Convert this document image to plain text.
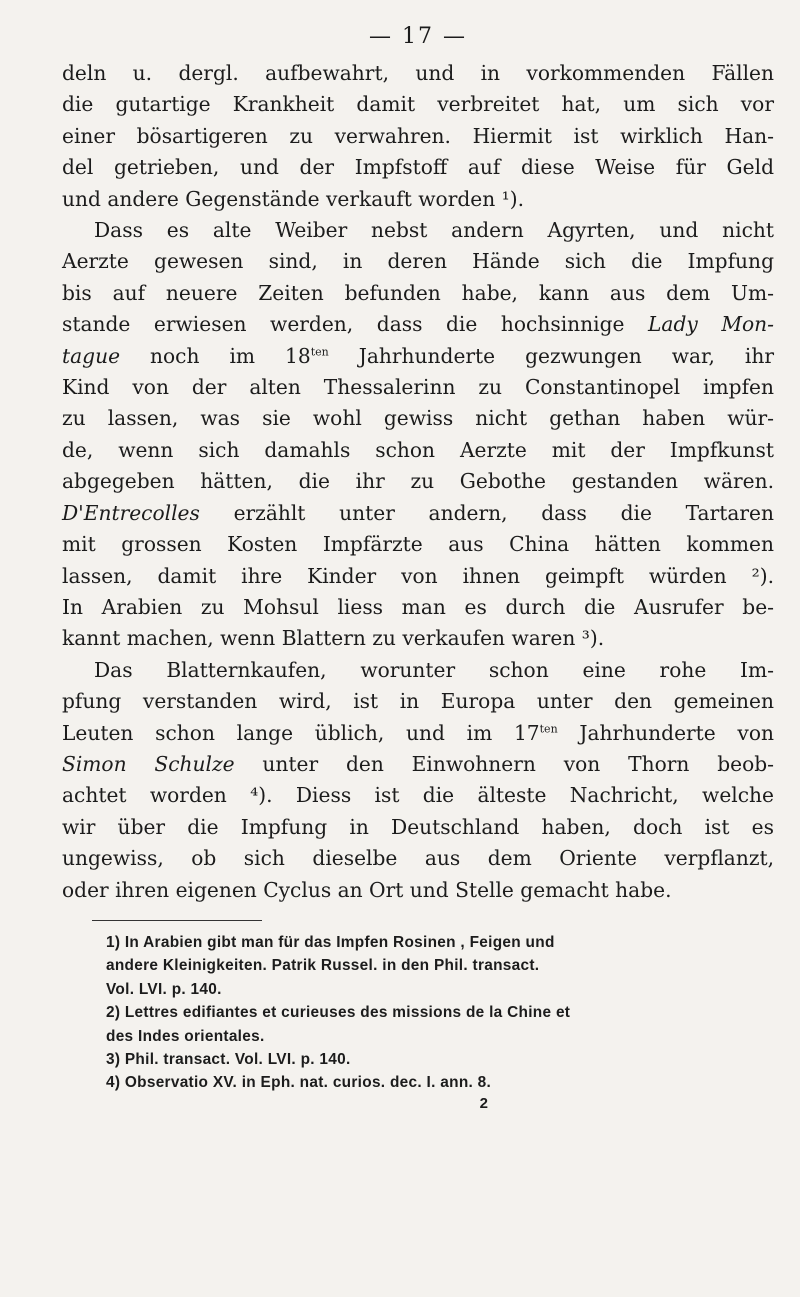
— 17 —
deln u. dergl. aufbewahrt, und in vorkommenden Fällen
die gutartige Krankheit damit verbreitet hat, um sich vor
einer bösartigeren zu verwahren. Hiermit ist wirklich Han-
del getrieben, und der Impfstoff auf diese Weise für Geld
und andere Gegenstände verkauft worden ¹).
Dass es alte Weiber nebst andern Agyrten, und nicht
Aerzte gewesen sind, in deren Hände sich die Impfung
bis auf neuere Zeiten befunden habe, kann aus dem Um-
stande erwiesen werden, dass die hochsinnige Lady Mon-
tague noch im $18^{ten}$ Jahrhunderte gezwungen war, ihr
Kind von der alten Thessalerinn zu Constantinopel impfen
zu lassen, was sie wohl gewiss nicht gethan haben wür-
de, wenn sich damahls schon Aerzte mit der Impfkunst
abgegeben hätten, die ihr zu Gebothe gestanden wären.
D'Entrecolles erzählt unter andern, dass die Tartaren
mit grossen Kosten Impfärzte aus China hätten kommen
lassen, damit ihre Kinder von ihnen geimpft würden ²).
In Arabien zu Mohsul liess man es durch die Ausrufer be-
kannt machen, wenn Blattern zu verkaufen waren ³).
Das Blatternkaufen, worunter schon eine rohe Im-
pfung verstanden wird, ist in Europa unter den gemeinen
Leuten schon lange üblich, und im $17^{ten}$ Jahrhunderte von
Simon Schulze unter den Einwohnern von Thorn beob-
achtet worden ⁴). Diess ist die älteste Nachricht, welche
wir über die Impfung in Deutschland haben, doch ist es
ungewiss, ob sich dieselbe aus dem Oriente verpflanzt,
oder ihren eigenen Cyclus an Ort und Stelle gemacht habe.
1) In Arabien gibt man für das Impfen Rosinen , Feigen und
andere Kleinigkeiten. Patrik Russel. in den Phil. transact.
Vol. LVI. p. 140.
2) Lettres edifiantes et curieuses des missions de la Chine et
des Indes orientales.
3) Phil. transact. Vol. LVI. p. 140.
4) Observatio XV. in Eph. nat. curios. dec. I. ann. 8.
2
